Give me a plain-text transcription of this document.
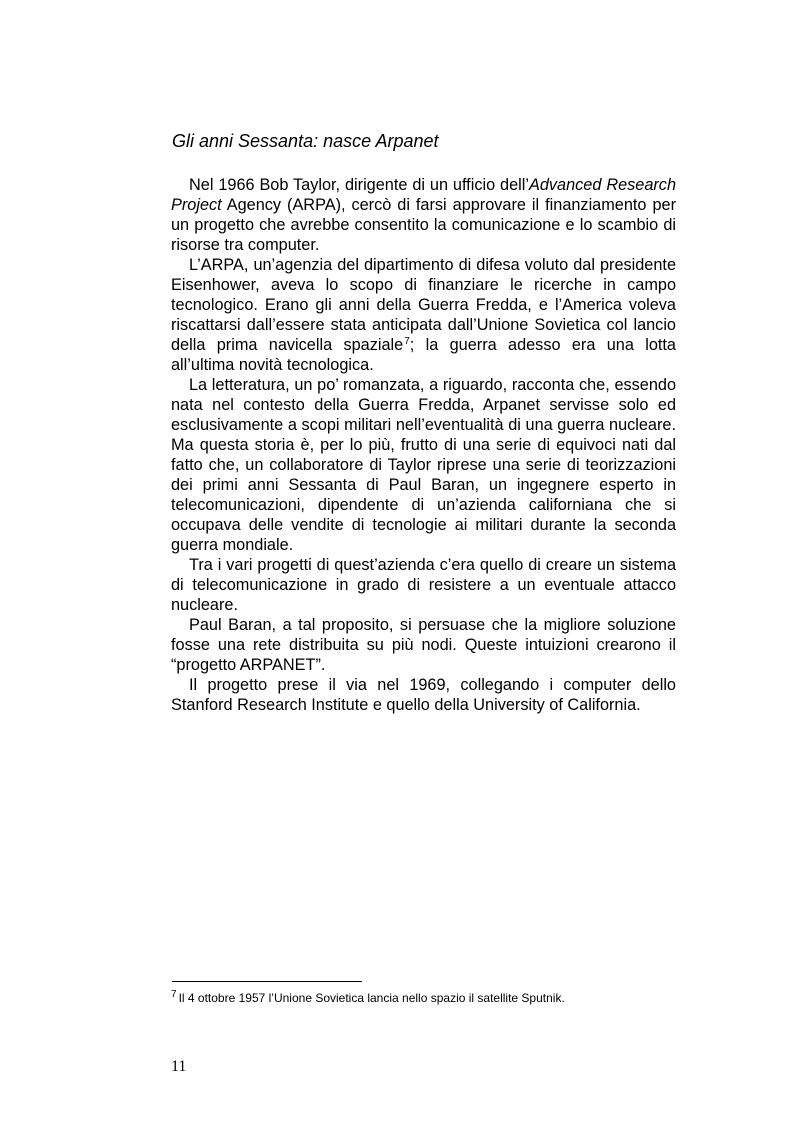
Gli anni Sessanta: nasce Arpanet

Nel 1966 Bob Taylor, dirigente di un ufficio dell’Advanced Research Project Agency (ARPA), cercò di farsi approvare il finanziamento per un progetto che avrebbe consentito la comunicazione e lo scambio di risorse tra computer.

L’ARPA, un’agenzia del dipartimento di difesa voluto dal presidente Eisenhower, aveva lo scopo di finanziare le ricerche in campo tecnologico. Erano gli anni della Guerra Fredda, e l’America voleva riscattarsi dall’essere stata anticipata dall’Unione Sovietica col lancio della prima navicella spaziale$^7$; la guerra adesso era una lotta all’ultima novità tecnologica.

La letteratura, un po’ romanzata, a riguardo, racconta che, essendo nata nel contesto della Guerra Fredda, Arpanet servisse solo ed esclusivamente a scopi militari nell’eventualità di una guerra nucleare. Ma questa storia è, per lo più, frutto di una serie di equivoci nati dal fatto che, un collaboratore di Taylor riprese una serie di teorizzazioni dei primi anni Sessanta di Paul Baran, un ingegnere esperto in telecomunicazioni, dipendente di un’azienda californiana che si occupava delle vendite di tecnologie ai militari durante la seconda guerra mondiale.

Tra i vari progetti di quest’azienda c’era quello di creare un sistema di telecomunicazione in grado di resistere a un eventuale attacco nucleare.

Paul Baran, a tal proposito, si persuase che la migliore soluzione fosse una rete distribuita su più nodi. Queste intuizioni crearono il “progetto ARPANET”.

Il progetto prese il via nel 1969, collegando i computer dello Stanford Research Institute e quello della University of California.

$^7$ Il 4 ottobre 1957 l’Unione Sovietica lancia nello spazio il satellite Sputnik.
11
